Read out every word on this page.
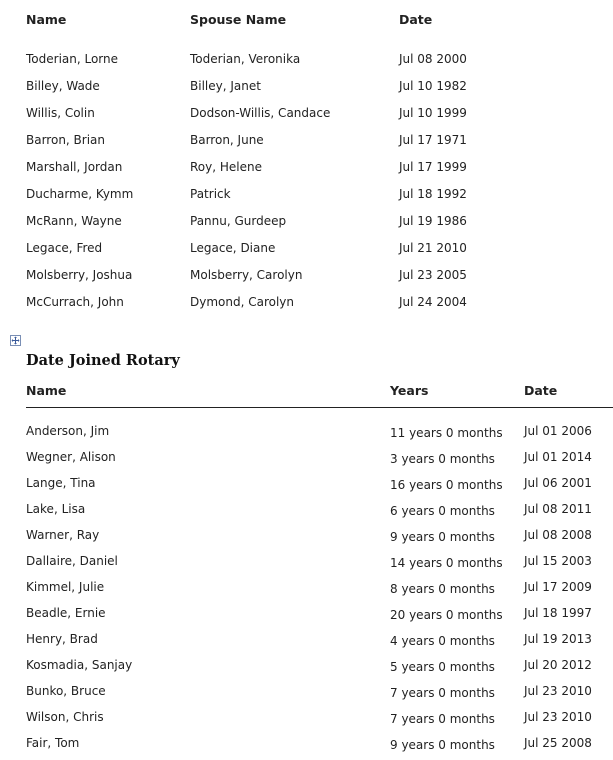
Name	Spouse Name	Date
Toderian, Lorne	Toderian, Veronika	Jul 08 2000
Billey, Wade	Billey, Janet	Jul 10 1982
Willis, Colin	Dodson-Willis, Candace	Jul 10 1999
Barron, Brian	Barron, June	Jul 17 1971
Marshall, Jordan	Roy, Helene	Jul 17 1999
Ducharme, Kymm	Patrick	Jul 18 1992
McRann, Wayne	Pannu, Gurdeep	Jul 19 1986
Legace, Fred	Legace, Diane	Jul 21 2010
Molsberry, Joshua	Molsberry, Carolyn	Jul 23 2005
McCurrach, John	Dymond, Carolyn	Jul 24 2004
Date Joined Rotary
Name	Years	Date
Anderson, Jim	11 years 0 months Jul 01 2006
Wegner, Alison	3 years 0 months Jul 01 2014
Lange, Tina	16 years 0 months Jul 06 2001
Lake, Lisa	6 years 0 months Jul 08 2011
Warner, Ray	9 years 0 months Jul 08 2008
Dallaire, Daniel	14 years 0 months Jul 15 2003
Kimmel, Julie	8 years 0 months Jul 17 2009
Beadle, Ernie	20 years 0 months Jul 18 1997
Henry, Brad	4 years 0 months Jul 19 2013
Kosmadia, Sanjay	5 years 0 months Jul 20 2012
Bunko, Bruce	7 years 0 months Jul 23 2010
Wilson, Chris	7 years 0 months Jul 23 2010
Fair, Tom	9 years 0 months Jul 25 2008
